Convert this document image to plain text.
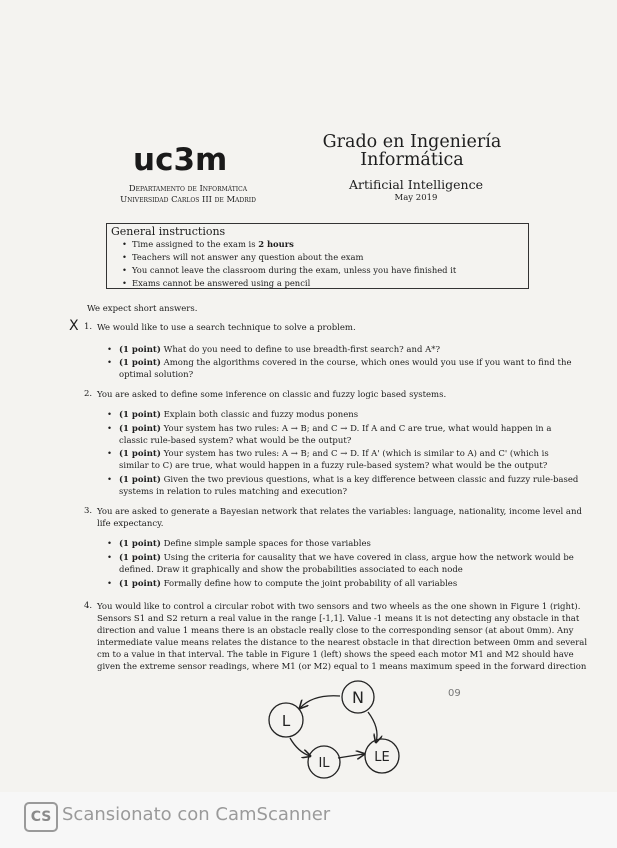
uc3m
Departamento de Informática
Universidad Carlos III de Madrid
Grado en Ingeniería
Informática
Artificial Intelligence
May 2019
General instructions
• Time assigned to the exam is 2 hours
• Teachers will not answer any question about the exam
• You cannot leave the classroom during the exam, unless you have finished it
• Exams cannot be answered using a pencil
We expect short answers.
X 1. We would like to use a search technique to solve a problem.
• (1 point) What do you need to define to use breadth-first search? and A*?
• (1 point) Among the algorithms covered in the course, which ones would you use if you want to find the
optimal solution?
2. You are asked to define some inference on classic and fuzzy logic based systems.
• (1 point) Explain both classic and fuzzy modus ponens
• (1 point) Your system has two rules: A → B; and C → D. If A and C are true, what would happen in a
classic rule-based system? what would be the output?
• (1 point) Your system has two rules: A → B; and C → D. If A' (which is similar to A) and C' (which is
similar to C) are true, what would happen in a fuzzy rule-based system? what would be the output?
• (1 point) Given the two previous questions, what is a key difference between classic and fuzzy rule-based
systems in relation to rules matching and execution?
3. You are asked to generate a Bayesian network that relates the variables: language, nationality, income level and
life expectancy.
• (1 point) Define simple sample spaces for those variables
• (1 point) Using the criteria for causality that we have covered in class, argue how the network would be
defined. Draw it graphically and show the probabilities associated to each node
• (1 point) Formally define how to compute the joint probability of all variables
4. You would like to control a circular robot with two sensors and two wheels as the one shown in Figure 1 (right).
Sensors S1 and S2 return a real value in the range [-1,1]. Value -1 means it is not detecting any obstacle in that
direction and value 1 means there is an obstacle really close to the corresponding sensor (at about 0mm). Any
intermediate value means relates the distance to the nearest obstacle in that direction between 0mm and several
cm to a value in that interval. The table in Figure 1 (left) shows the speed each motor M1 and M2 should have
given the extreme sensor readings, where M1 (or M2) equal to 1 means maximum speed in the forward direction
N
L
IL	LE
09
CS Scansionato con CamScanner
